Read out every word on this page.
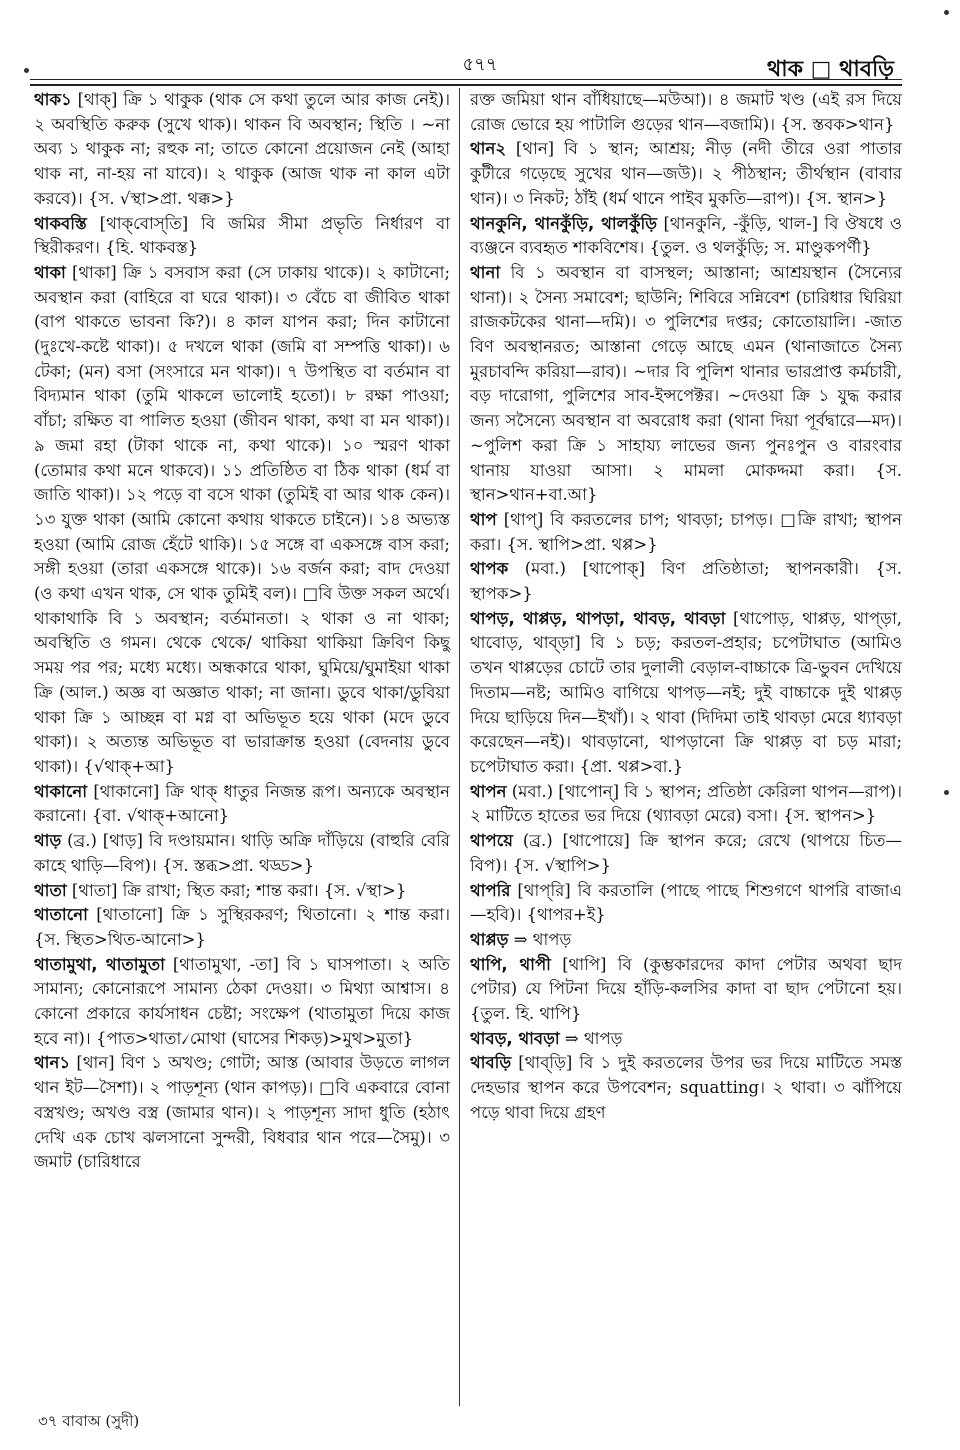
৫৭৭	থাক □ থাবড়ি

থাক১ [থাক্] ক্রি ১ থাকুক (থাক সে কথা তুলে আর কাজ নেই)। ২ অবস্থিতি করুক (সুখে থাক)। থাকন বি অবস্থান; স্থিতি । ~না অব্য ১ থাকুক না; রহুক না; তাতে কোনো প্রয়োজন নেই (আহা থাক না, না-হয় না যাবে)। ২ থাকুক (আজ থাক না কাল এটা করবে)। {স. √স্থা>প্রা. থক্ক>}

থাকবস্তি [থাক্‌বোস্‌তি] বি জমির সীমা প্রভৃতি নির্ধারণ বা স্থিরীকরণ। {হি. থাকবস্ত}

থাকা [থাকা] ক্রি ১ বসবাস করা (সে ঢাকায় থাকে)। ২ কাটানো; অবস্থান করা (বাহিরে বা ঘরে থাকা)। ৩ বেঁচে বা জীবিত থাকা (বাপ থাকতে ভাবনা কি?)। ৪ কাল যাপন করা; দিন কাটানো (দুঃখে-কষ্টে থাকা)। ৫ দখলে থাকা (জমি বা সম্পত্তি থাকা)। ৬ টেকা; (মন) বসা (সংসারে মন থাকা)। ৭ উপস্থিত বা বর্তমান বা বিদ্যমান থাকা (তুমি থাকলে ভালোই হতো)। ৮ রক্ষা পাওয়া; বাঁচা; রক্ষিত বা পালিত হওয়া (জীবন থাকা, কথা বা মন থাকা)। ৯ জমা রহা (টাকা থাকে না, কথা থাকে)। ১০ স্মরণ থাকা (তোমার কথা মনে থাকবে)। ১১ প্রতিষ্ঠিত বা ঠিক থাকা (ধর্ম বা জাতি থাকা)। ১২ পড়ে বা বসে থাকা (তুমিই বা আর থাক কেন)। ১৩ যুক্ত থাকা (আমি কোনো কথায় থাকতে চাইনে)। ১৪ অভ্যস্ত হওয়া (আমি রোজ হেঁটে থাকি)। ১৫ সঙ্গে বা একসঙ্গে বাস করা; সঙ্গী হওয়া (তারা একসঙ্গে থাকে)। ১৬ বর্জন করা; বাদ দেওয়া (ও কথা এখন থাক, সে থাক তুমিই বল)। □বি উক্ত সকল অর্থে। থাকাথাকি বি ১ অবস্থান; বর্তমানতা। ২ থাকা ও না থাকা; অবস্থিতি ও গমন। থেকে থেকে/ থাকিয়া থাকিয়া ক্রিবিণ কিছু সময় পর পর; মধ্যে মধ্যে। অন্ধকারে থাকা, ঘুমিয়ে/ঘুমাইয়া থাকা ক্রি (আল.) অজ্ঞ বা অজ্ঞাত থাকা; না জানা। ডুবে থাকা/ডুবিয়া থাকা ক্রি ১ আচ্ছন্ন বা মগ্ন বা অভিভূত হয়ে থাকা (মদে ডুবে থাকা)। ২ অত্যন্ত অভিভূত বা ভারাক্রান্ত হওয়া (বেদনায় ডুবে থাকা)। {√থাক্+আ}

থাকানো [থাকানো] ক্রি থাক্ ধাতুর নিজন্ত রূপ। অন্যকে অবস্থান করানো। {বা. √থাক্+আনো}

থাড় (ব্র.) [থাড়] বি দণ্ডায়মান। থাড়ি অক্রি দাঁড়িয়ে (বাহুরি বেরি কাহে থাড়ি—বিপ)। {স. স্তব্ধ>প্রা. থড্ড>}

থাতা [থাতা] ক্রি রাখা; স্থিত করা; শান্ত করা। {স. √স্থা>}

থাতানো [থাতানো] ক্রি ১ সুস্থিরকরণ; থিতানো। ২ শান্ত করা। {স. স্থিত>থিত-আনো>}

থাতামুথা, থাতামুতা [থাতামুথা, -তা] বি ১ ঘাসপাতা। ২ অতি সামান্য; কোনোরূপে সামান্য ঠেকা দেওয়া। ৩ মিথ্যা আশ্বাস। ৪ কোনো প্রকারে কার্যসাধন চেষ্টা; সংক্ষেপ (থাতামুতা দিয়ে কাজ হবে না)। {পাত>থাতা৴মোথা (ঘাসের শিকড়)>মুথ>মুতা}

থান১ [থান] বিণ ১ অখণ্ড; গোটা; আস্ত (আবার উড়তে লাগল থান ইট—সৈশা)। ২ পাড়শূন্য (থান কাপড়)। □বি একবারে বোনা বস্ত্রখণ্ড; অখণ্ড বস্ত্র (জামার থান)। ২ পাড়শূন্য সাদা ধুতি (হঠাৎ দেখি এক চোখ ঝলসানো সুন্দরী, বিধবার থান পরে—সৈমু)। ৩ জমাট (চারিধারে

রক্ত জমিয়া থান বাঁধিয়াছে—মউআ)। ৪ জমাট খণ্ড (এই রস দিয়ে রোজ ভোরে হয় পাটালি গুড়ের থান—বজামি)। {স. স্তবক>থান}

থান২ [থান] বি ১ স্থান; আশ্রয়; নীড় (নদী তীরে ওরা পাতার কুটীরে গড়েছে সুখের থান—জউ)। ২ পীঠস্থান; তীর্থস্থান (বাবার থান)। ৩ নিকট; ঠাঁই (ধর্ম থানে পাইব মুকতি—রাপ)। {স. স্থান>}

থানকুনি, থানকুঁড়ি, থালকুঁড়ি [থানকুনি, -কুঁড়ি, থাল-] বি ঔষধে ও ব্যঞ্জনে ব্যবহৃত শাকবিশেষ। {তুল. ও থলকুঁড়ি; স. মাণ্ডুকপর্ণী}

থানা বি ১ অবস্থান বা বাসস্থল; আস্তানা; আশ্রয়স্থান (সৈন্যের থানা)। ২ সৈন্য সমাবেশ; ছাউনি; শিবিরে সন্নিবেশ (চারিধার ঘিরিয়া রাজকটকের থানা—দমি)। ৩ পুলিশের দপ্তর; কোতোয়ালি। -জাত বিণ অবস্থানরত; আস্তানা গেড়ে আছে এমন (থানাজাতে সৈন্য মুরচাবন্দি করিয়া—রাব)। ~দার বি পুলিশ থানার ভারপ্রাপ্ত কর্মচারী, বড় দারোগা, পুলিশের সাব-ইন্সপেক্টর। ~দেওয়া ক্রি ১ যুদ্ধ করার জন্য সসৈন্যে অবস্থান বা অবরোধ করা (থানা দিয়া পূর্বদ্বারে—মদ)। ~পুলিশ করা ক্রি ১ সাহায্য লাভের জন্য পুনঃপুন ও বারংবার থানায় যাওয়া আসা। ২ মামলা মোকদ্দমা করা। {স. স্থান>থান+বা.আ}

থাপ [থাপ্] বি করতলের চাপ; থাবড়া; চাপড়। □ক্রি রাখা; স্থাপন করা। {স. স্থাপি>প্রা. থপ্প>}

থাপক (মবা.) [থাপোক্] বিণ প্রতিষ্ঠাতা; স্থাপনকারী। {স. স্থাপক>}

থাপড়, থাপ্পড়, থাপড়া, থাবড়, থাবড়া [থাপোড়, থাপ্পড়, থাপ্‌ড়া, থাবোড়, থাব্‌ড়া] বি ১ চড়; করতল-প্রহার; চপেটাঘাত (আমিও তখন থাপ্পড়ের চোটে তার দুলালী বেড়াল-বাচ্চাকে ত্রি-ভুবন দেখিয়ে দিতাম—নষ্ট; আমিও বাগিয়ে থাপড়—নই; দুই বাচ্চাকে দুই থাপ্পড় দিয়ে ছাড়িয়ে দিন—ইখাঁ)। ২ থাবা (দিদিমা তাই থাবড়া মেরে ধ্যাবড়া করেছেন—নই)। থাবড়ানো, থাপড়ানো ক্রি থাপ্পড় বা চড় মারা; চপেটাঘাত করা। {প্রা. থপ্প>বা.}

থাপন (মবা.) [থাপোন্] বি ১ স্থাপন; প্রতিষ্ঠা কেরিলা থাপন—রাপ)। ২ মাটিতে হাতের ভর দিয়ে (থ্যাবড়া মেরে) বসা। {স. স্থাপন>}

থাপয়ে (ব্র.) [থাপোয়ে] ক্রি স্থাপন করে; রেখে (থাপয়ে চিত—বিপ)। {স. √স্থাপি>}

থাপরি [থাপ্‌রি] বি করতালি (পাছে পাছে শিশুগণে থাপরি বাজাএ—হবি)। {থাপর+ই}

থাপ্পড় ⇒ থাপড়

থাপি, থাপী [থাপি] বি (কুম্ভকারদের কাদা পেটার অথবা ছাদ পেটার) যে পিটনা দিয়ে হাঁড়ি-কলসির কাদা বা ছাদ পেটানো হয়। {তুল. হি. থাপি}

থাবড়, থাবড়া ⇒ থাপড়

থাবড়ি [থাব্‌ড়ি] বি ১ দুই করতলের উপর ভর দিয়ে মাটিতে সমস্ত দেহভার স্থাপন করে উপবেশন; squatting। ২ থাবা। ৩ ঝাঁপিয়ে পড়ে থাবা দিয়ে গ্রহণ

৩৭ বাবাঅ (সুদী)
